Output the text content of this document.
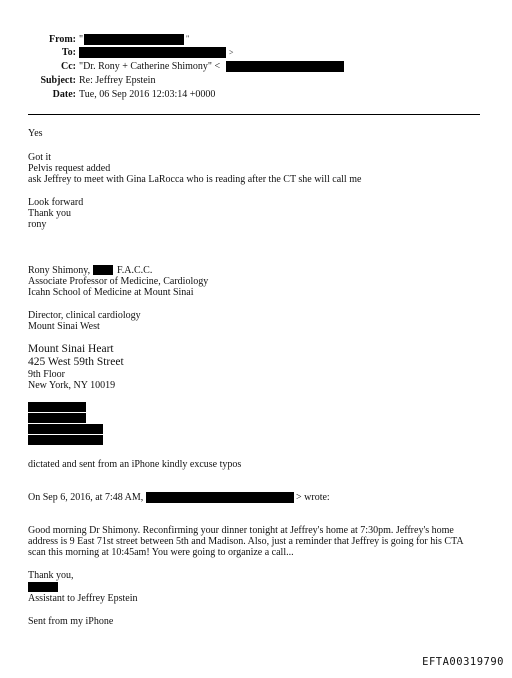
From: "	"
To:	>
Cc: "Dr. Rony + Catherine Shimony" <
Subject: Re: Jeffrey Epstein
Date: Tue, 06 Sep 2016 12:03:14 +0000
Yes
Got it
Pelvis request added
ask Jeffrey to meet with Gina LaRocca who is reading after the CT she will call me
Look forward
Thank you
rony
Rony Shimony,	F.A.C.C.
Associate Professor of Medicine, Cardiology
Icahn School of Medicine at Mount Sinai
Director, clinical cardiology
Mount Sinai West
Mount Sinai Heart
425 West 59th Street
9th Floor
New York, NY 10019
dictated and sent from an iPhone kindly excuse typos
On Sep 6, 2016, at 7:48 AM,	> wrote:
Good morning Dr Shimony. Reconfirming your dinner tonight at Jeffrey's home at 7:30pm. Jeffrey's home
address is 9 East 71st street between 5th and Madison. Also, just a reminder that Jeffrey is going for his CTA
scan this morning at 10:45am! You were going to organize a call...
Thank you,
Assistant to Jeffrey Epstein
Sent from my iPhone
EFTA00319790
